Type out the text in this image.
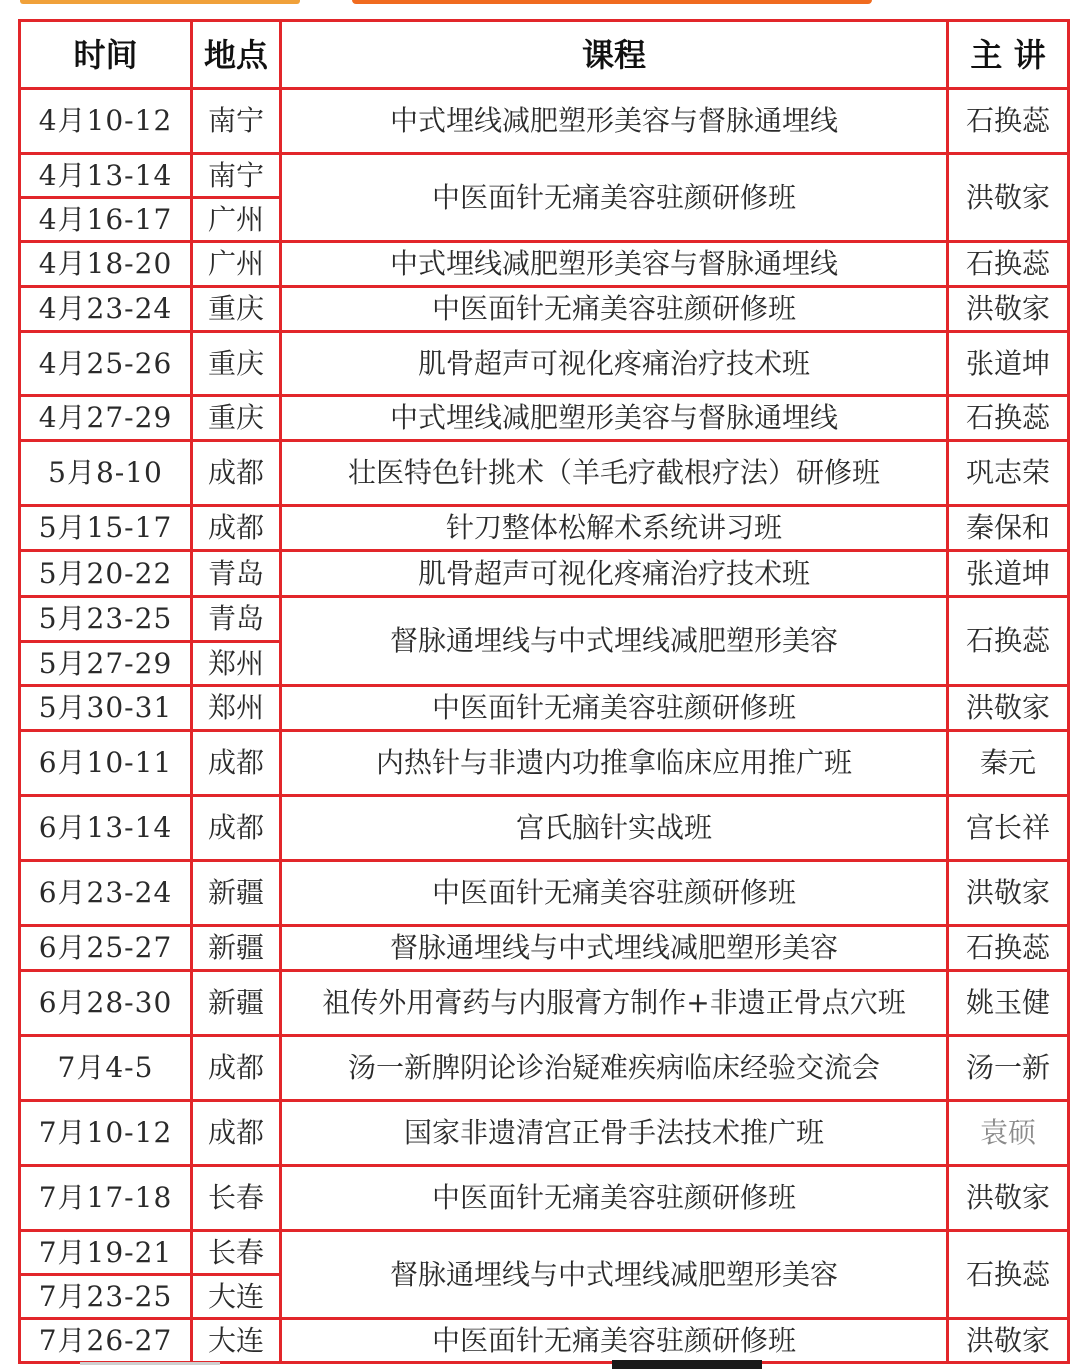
时间	地点	课程	主 讲
4月10-12	南宁	中式埋线减肥塑形美容与督脉通埋线	石换蕊
4月13-14	南宁	中医面针无痛美容驻颜研修班	洪敬家
4月16-17	广州		
4月18-20	广州	中式埋线减肥塑形美容与督脉通埋线	石换蕊
4月23-24	重庆	中医面针无痛美容驻颜研修班	洪敬家
4月25-26	重庆	肌骨超声可视化疼痛治疗技术班	张道坤
4月27-29	重庆	中式埋线减肥塑形美容与督脉通埋线	石换蕊
5月8-10	成都	壮医特色针挑术（羊毛疗截根疗法）研修班	巩志荣
5月15-17	成都	针刀整体松解术系统讲习班	秦保和
5月20-22	青岛	肌骨超声可视化疼痛治疗技术班	张道坤
5月23-25	青岛	督脉通埋线与中式埋线减肥塑形美容	石换蕊
5月27-29	郑州		
5月30-31	郑州	中医面针无痛美容驻颜研修班	洪敬家
6月10-11	成都	内热针与非遗内功推拿临床应用推广班	秦元
6月13-14	成都	宫氏脑针实战班	宫长祥
6月23-24	新疆	中医面针无痛美容驻颜研修班	洪敬家
6月25-27	新疆	督脉通埋线与中式埋线减肥塑形美容	石换蕊
6月28-30	新疆	祖传外用膏药与内服膏方制作+非遗正骨点穴班	姚玉健
7月4-5	成都	汤一新脾阴论诊治疑难疾病临床经验交流会	汤一新
7月10-12	成都	国家非遗清宫正骨手法技术推广班	袁硕
7月17-18	长春	中医面针无痛美容驻颜研修班	洪敬家
7月19-21	长春	督脉通埋线与中式埋线减肥塑形美容	石换蕊
7月23-25	大连		
7月26-27	大连	中医面针无痛美容驻颜研修班	洪敬家
